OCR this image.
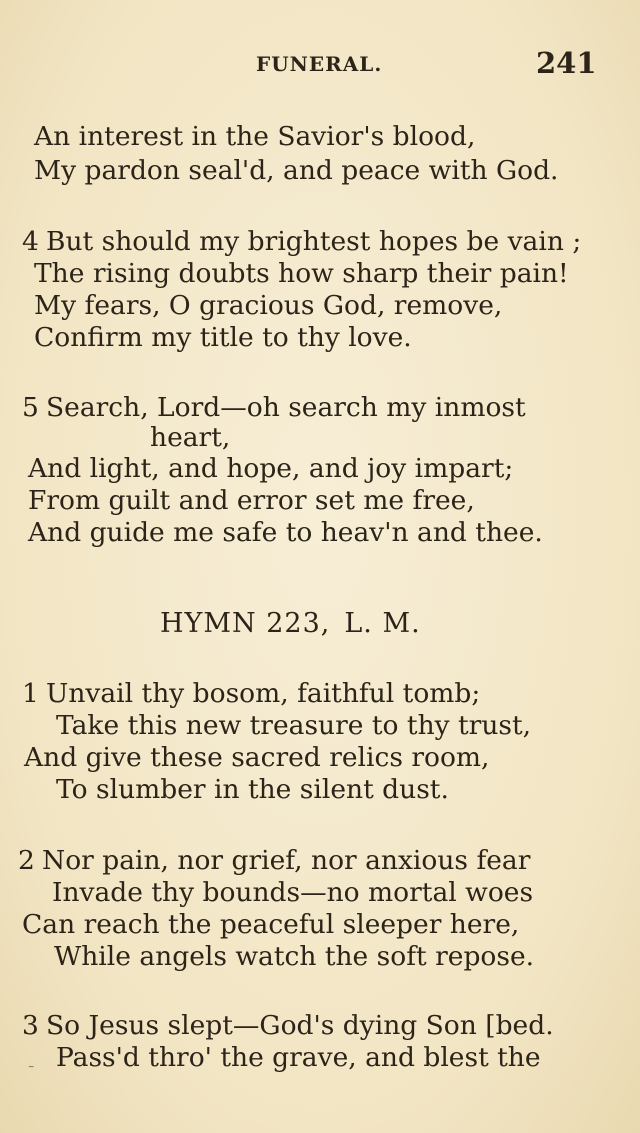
FUNERAL.	241
An interest in the Savior's blood,
My pardon seal'd, and peace with God.
4 But should my brightest hopes be vain ;
The rising doubts how sharp their pain!
My fears, O gracious God, remove,
Confirm my title to thy love.
5 Search, Lord—oh search my inmost
heart,
And light, and hope, and joy impart;
From guilt and error set me free,
And guide me safe to heav'n and thee.
HYMN 223, L. M.
1 Unvail thy bosom, faithful tomb;
Take this new treasure to thy trust,
And give these sacred relics room,
To slumber in the silent dust.
2 Nor pain, nor grief, nor anxious fear
Invade thy bounds—no mortal woes
Can reach the peaceful sleeper here,
While angels watch the soft repose.
3 So Jesus slept—God's dying Son [bed.
Pass'd thro' the grave, and blest the
⁻
